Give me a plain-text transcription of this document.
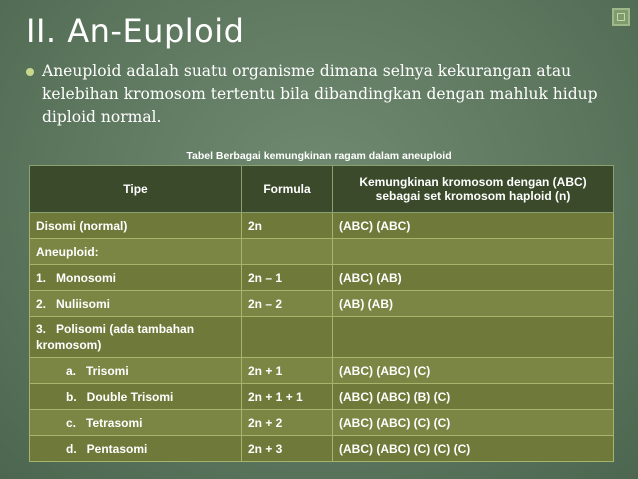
II. An-Euploid
Aneuploid adalah suatu organisme dimana selnya kekurangan atau kelebihan kromosom tertentu bila dibandingkan dengan mahluk hidup diploid normal.
Tabel Berbagai kemungkinan ragam dalam aneuploid
Tipe	Formula	Kemungkinan kromosom dengan (ABC) sebagai set kromosom haploid (n)
Disomi (normal)	2n	(ABC) (ABC)
Aneuploid:		
1.   Monosomi	2n – 1	(ABC) (AB)
2.   Nuliisomi	2n – 2	(AB) (AB)
3.   Polisomi (ada tambahan kromosom)		
a.   Trisomi	2n + 1	(ABC) (ABC) (C)
b.   Double Trisomi	2n + 1 + 1	(ABC) (ABC) (B) (C)
c.   Tetrasomi	2n + 2	(ABC) (ABC) (C) (C)
d.   Pentasomi	2n + 3	(ABC) (ABC) (C) (C) (C)
